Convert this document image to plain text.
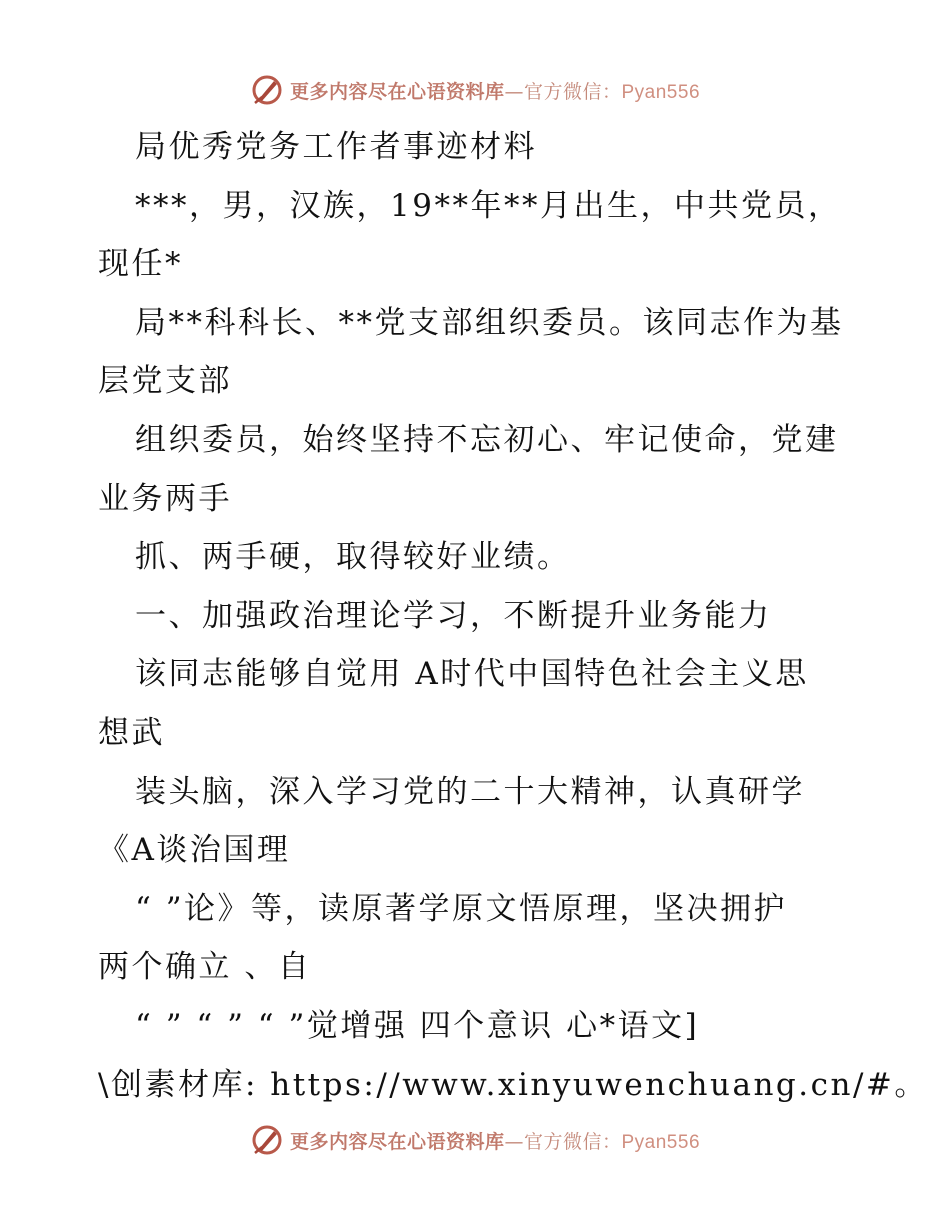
更多内容尽在心语资料库—官方微信：Pyan556
局优秀党务工作者事迹材料
***，男，汉族，19**年**月出生，中共党员，
现任*
局**科科长、**党支部组织委员。该同志作为基
层党支部
组织委员，始终坚持不忘初心、牢记使命，党建
业务两手
抓、两手硬，取得较好业绩。
一、加强政治理论学习，不断提升业务能力
该同志能够自觉用 A时代中国特色社会主义思
想武
装头脑，深入学习党的二十大精神，认真研学
《A谈治国理
“ ”论》等，读原著学原文悟原理，坚决拥护
两个确立 、自
“ ” “ ” “ ”觉增强 四个意识 心*语文]
\创素材库: https://www.xinyuwenchuang.cn/#。
更多内容尽在心语资料库—官方微信：Pyan556
